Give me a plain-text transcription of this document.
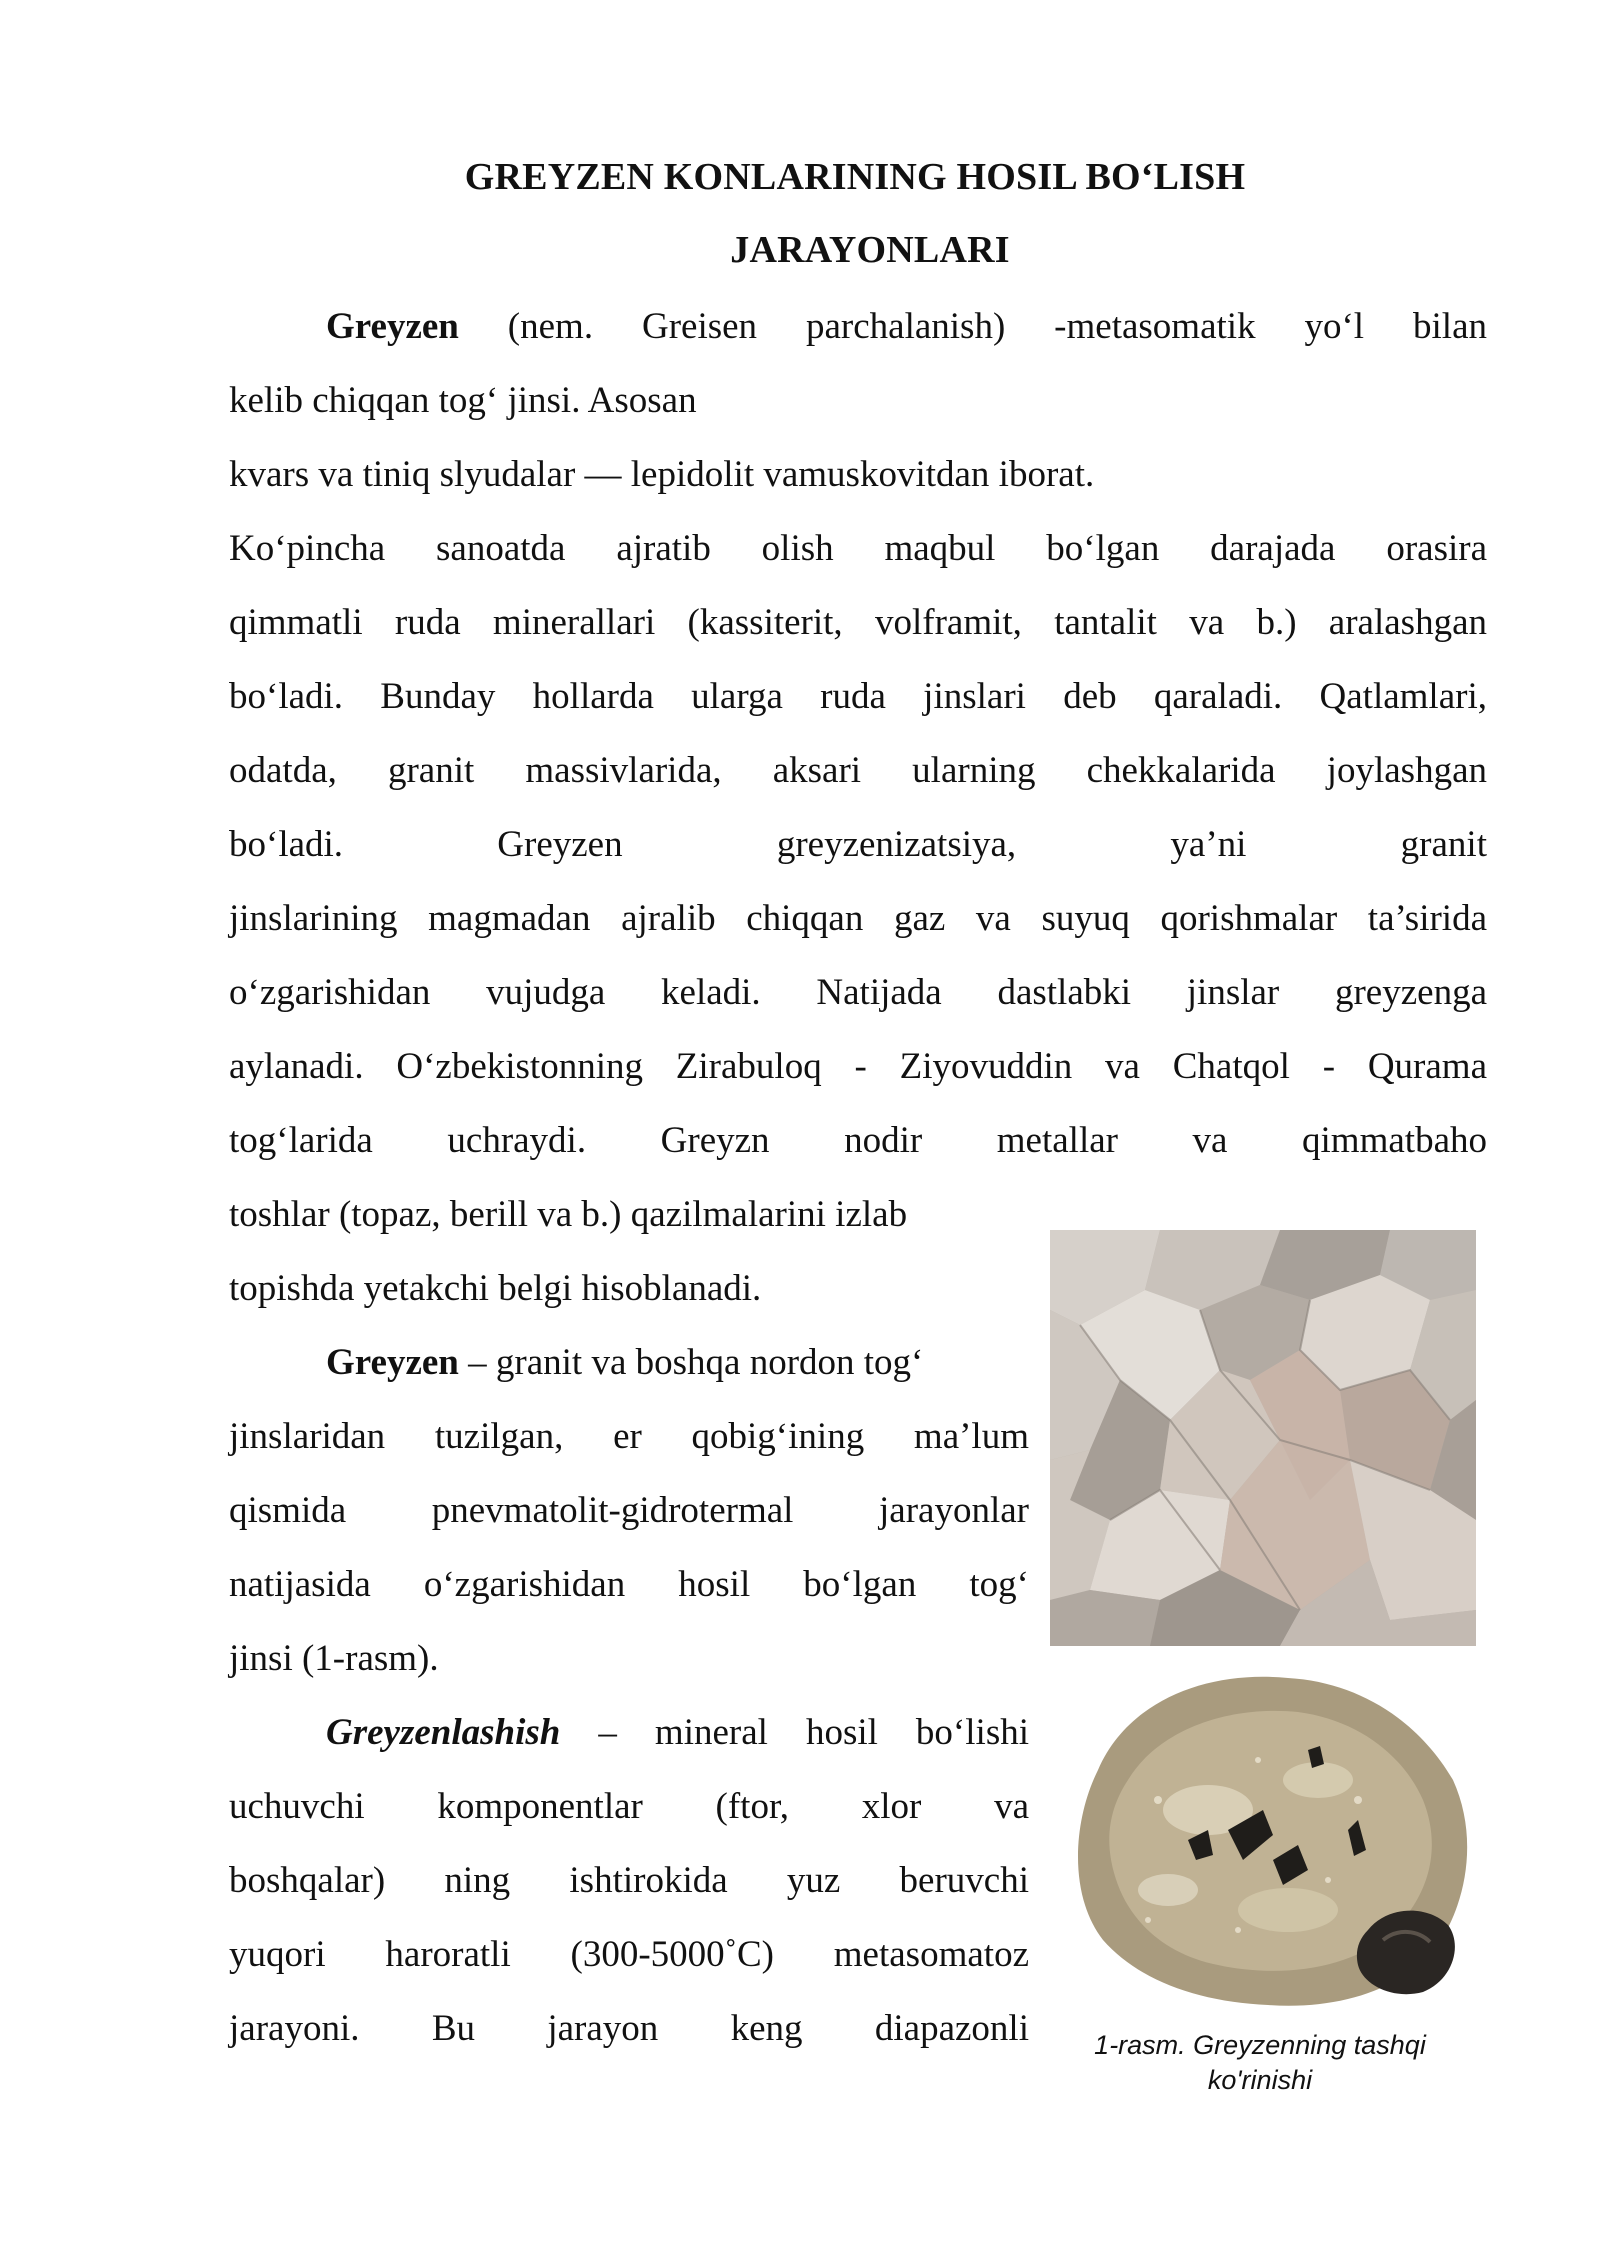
GREYZEN KONLARINING HOSIL BO‘LISH
JARAYONLARI
Greyzen (nem. Greisen parchalanish) -metasomatik yo‘l bilan
kelib chiqqan tog‘ jinsi. Asosan
kvars va tiniq slyudalar — lepidolit vamuskovitdan iborat.
Ko‘pincha sanoatda ajratib olish maqbul bo‘lgan darajada orasira
qimmatli ruda minerallari (kassiterit, volframit, tantalit va b.) aralashgan
bo‘ladi. Bunday hollarda ularga ruda jinslari deb qaraladi. Qatlamlari,
odatda, granit massivlarida, aksari ularning chekkalarida joylashgan
bo‘ladi. Greyzen greyzenizatsiya, ya’ni granit
jinslarining magmadan ajralib chiqqan gaz va suyuq qorishmalar ta’sirida
o‘zgarishidan vujudga keladi. Natijada dastlabki jinslar greyzenga
aylanadi. O‘zbekistonning Zirabuloq - Ziyovuddin va Chatqol - Qurama
tog‘larida uchraydi. Greyzn nodir metallar va qimmatbaho
toshlar (topaz, berill va b.) qazilmalarini izlab
topishda yetakchi belgi hisoblanadi.
Greyzen – granit va boshqa nordon tog‘
jinslaridan tuzilgan, er qobig‘ining ma’lum
qismida pnevmatolit-gidrotermal jarayonlar
natijasida o‘zgarishidan hosil bo‘lgan tog‘
jinsi (1-rasm).
Greyzenlashish – mineral hosil bo‘lishi
uchuvchi komponentlar (ftor, xlor va
boshqalar) ning ishtirokida yuz beruvchi
yuqori haroratli (300-5000˚C) metasomatoz
jarayoni. Bu jarayon keng diapazonli	1-rasm. Greyzenning tashqi
ko'rinishi
